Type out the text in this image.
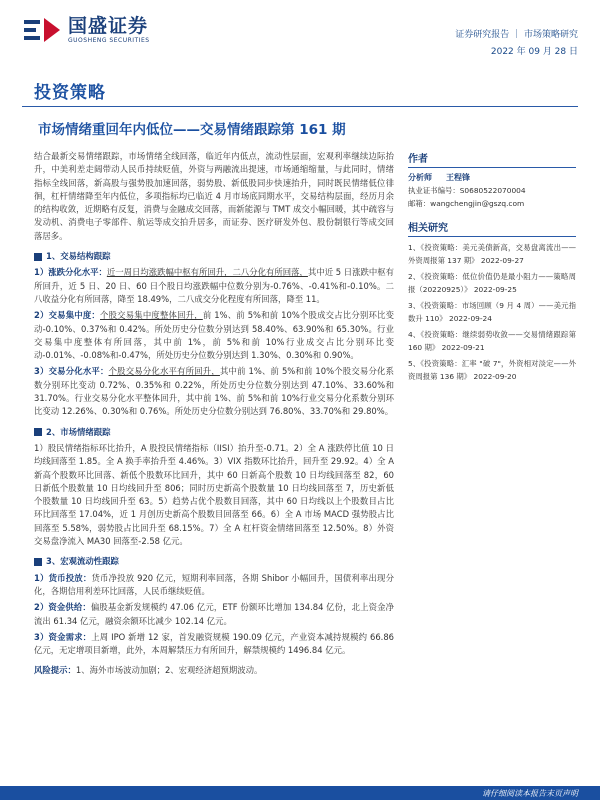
国盛证券
GUOSHENG SECURITIES
证券研究报告 ｜ 市场策略研究
2022 年 09 月 28 日
投资策略
市场情绪重回年内低位——交易情绪跟踪第 161 期

结合最新交易情绪跟踪，市场情绪全线回落，临近年内低点，流动性层面，宏观利率继续边际抬升，中美利差走阔带动人民币持续贬值，外资与两融流出提速，市场通缩缩量，与此同时，情绪指标全线回落，新高股与强势股加速回落，弱势股、新低股同步快速抬升，同时既民情绪低位徘徊，杠杆情绪降至年内低位，多项指标均已临近 4 月市场底同期水平，交易结构层面，经历月余的结构收敛，近期略有反复，消费与金融成交回落，而新能源与 TMT 成交小幅回暖，其中疏容与发动机、消费电子零部件、航运等成交拍升居多，而证券、医疗研发外包、股份制银行等成交回落居多。

1、交易结构跟踪

1）涨跌分化水平：近一周日均涨跌幅中枢有所回升，二八分化有所回落，其中近 5 日涨跌中枢有所回升，近 5 日、20 日、60 日个股日均涨跌幅中位数分别为-0.76%、-0.41%和-0.10%。二八收益分化有所回落，降至 18.49%，二八成交分化程度有所回落，降至 11。

2）交易集中度：个股交易集中度整体回升，前 1%、前 5%和前 10%个股成交占比分别环比变动-0.10%、0.37%和 0.42%。所处历史分位数分别达到 58.40%、63.90%和 65.30%。行业交易集中度整体有所回落，其中前 1%，前 5%和前 10%行业成交占比分别环比变动-0.01%、-0.08%和-0.47%，所处历史分位数分别达到 1.30%、0.30%和 0.90%。

3）交易分化水平：个股交易分化水平有所回升，其中前 1%、前 5%和前 10%个股交易分化系数分别环比变动 0.72%、0.35%和 0.22%，所处历史分位数分别达到 47.10%、33.60%和 31.70%。行业交易分化水平整体回升，其中前 1%、前 5%和前 10%行业交易分化系数分别环比变动 12.26%、0.30%和 0.76%。所处历史分位数分别达到 76.80%、33.70%和 29.80%。

2、市场情绪跟踪

1）股民情绪指标环比抬升，A 股投民情绪指标（IISI）抬升至-0.71。2）全 A 涨跌停比值 10 日均线回落至 1.85。全 A 换手率抬升至 4.46%。3）VIX 指数环比抬升，回升至 29.92。4）全 A 新高个股数环比回落、新低个股数环比回升，其中 60 日新高个股数 10 日均线回落至 82，60 日新低个股数量 10 日均线回升至 806；同时历史新高个股数量 10 日均线回落至 7，历史新低个股数量 10 日均线回升至 63。5）趋势占优个股数目回落，其中 60 日均线以上个股数目占比环比回落至 17.04%，近 1 月创历史新高个股数目回落至 66。6）全 A 市场 MACD 强势股占比回落至 5.58%，弱势股占比回升至 68.15%。7）全 A 杠杆资金情绪回落至 12.50%。8）外资交易盘净流入 MA30 回落至-2.58 亿元。

3、宏观流动性跟踪

1）货币投放：货币净投放 920 亿元，短期利率回落，各期 Shibor 小幅回升，国债利率出现分化，各期信用利差环比回落，人民币继续贬值。

2）资金供给：偏股基金新发规模约 47.06 亿元，ETF 份额环比增加 134.84 亿份，北上资金净流出 61.34 亿元，融资余额环比减少 102.14 亿元。

3）资金需求：上周 IPO 新增 12 家，首发融资规模 190.09 亿元，产业资本减持规模约 66.86 亿元，无定增项目新增，此外，本周解禁压力有所回升，解禁规模约 1496.84 亿元。

风险提示：1、海外市场波动加剧；2、宏观经济超预期波动。

作者
分析师 王程锋
执业证书编号：S0680522070004
邮箱：wangchengjin@gszq.com
相关研究
1、《投资策略：美元美债新高，交易盘离流出——外资周报第 137 期》 2022-09-27
2、《投资策略：低位价值仍是最小阻力——策略周报（20220925）》 2022-09-25
3、《投资策略：市场回顾（9 月 4 周）——美元指数升 110》 2022-09-24
4、《投资策略：继续弱势收敛——交易情绪跟踪第 160 期》 2022-09-21
5、《投资策略：汇率 "破 7"，外资相对淡定——外资周报第 136 期》 2022-09-20
请仔细阅读本报告末页声明
